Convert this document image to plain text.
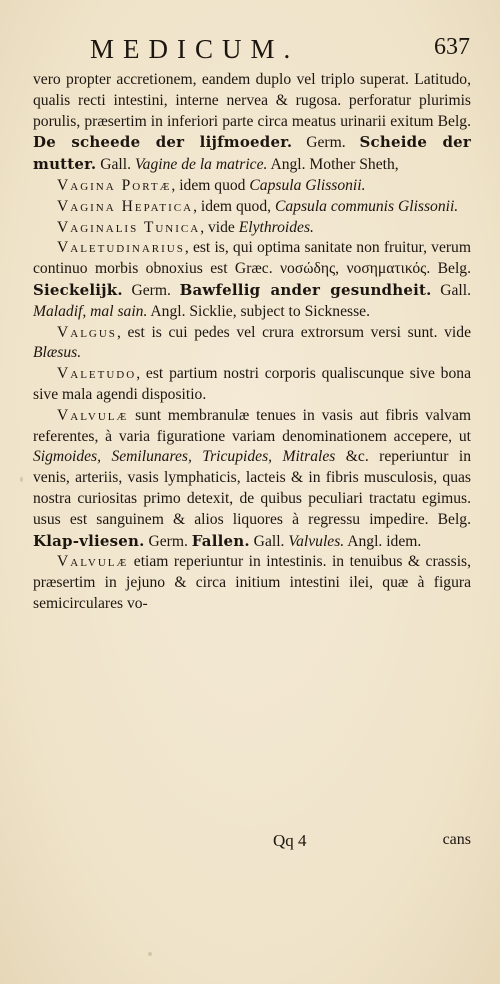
MEDICUM.	637

vero propter accretionem, eandem duplo vel triplo superat. Latitudo, qualis recti intestini, interne nervea & rugosa. perforatur plurimis porulis, præsertim in inferiori parte circa meatus urinarii exitum Belg. De scheede der lijfmoeder. Germ. Scheide der mutter. Gall. Vagine de la matrice. Angl. Mother Sheth,

Vagina Portæ, idem quod Capsula Glissonii.

Vagina Hepatica, idem quod, Capsula communis Glissonii.

Vaginalis Tunica, vide Elythroides.

Valetudinarius, est is, qui optima sanitate non fruitur, verum continuo morbis obnoxius est Græc. νοσώδης, νοσηματικός. Belg. Sieckelijk. Germ. Bawfellig ander gesundheit. Gall. Maladif, mal sain. Angl. Sicklie, subject to Sicknesse.

Valgus, est is cui pedes vel crura extrorsum versi sunt. vide Blæsus.

Valetudo, est partium nostri corporis qualiscunque sive bona sive mala agendi dispositio.

Valvulæ sunt membranulæ tenues in vasis aut fibris valvam referentes, à varia figuratione variam denominationem accepere, ut Sigmoides, Semilunares, Tricupides, Mitrales &c. reperiuntur in venis, arteriis, vasis lymphaticis, lacteis & in fibris musculosis, quas nostra curiositas primo detexit, de quibus peculiari tractatu egimus. usus est sanguinem & alios liquores à regressu impedire. Belg. Klap-vliesen. Germ. Fallen. Gall. Valvules. Angl. idem.

Valvulæ etiam reperiuntur in intestinis. in tenuibus & crassis, præsertim in jejuno & circa initium intestini ilei, quæ à figura semicirculares vo-

Qq 4	cans
